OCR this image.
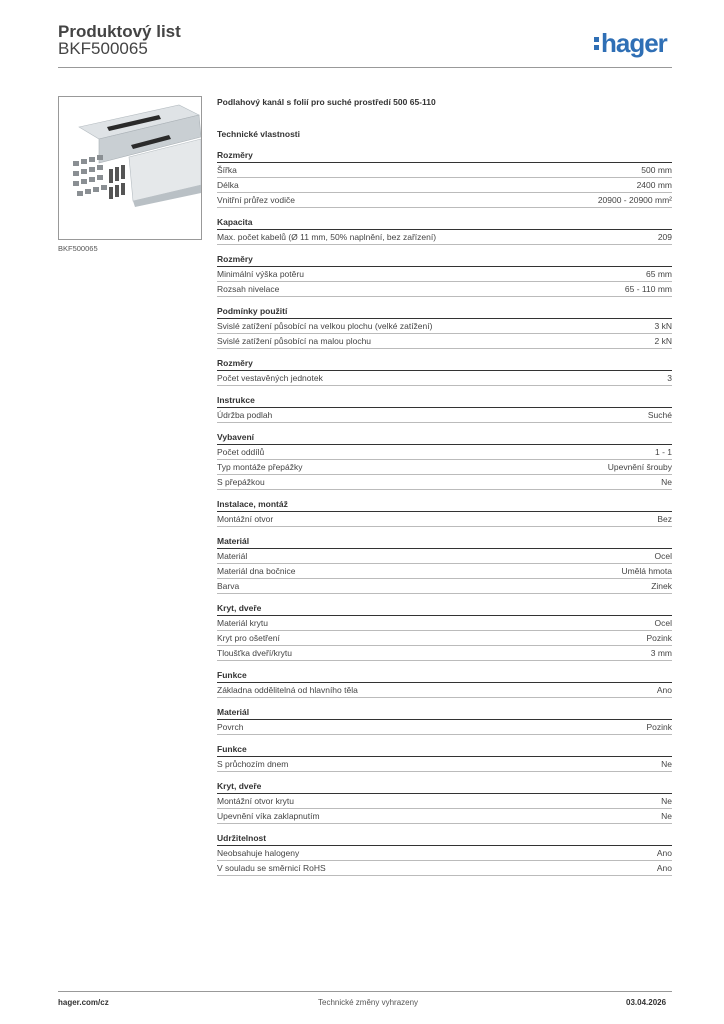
Produktový list
BKF500065	hager
BKF500065
Podlahový kanál s folií pro suché prostředí 500 65-110
Technické vlastnosti
Rozměry
Šířka	500 mm
Délka	2400 mm
Vnitřní průřez vodiče	20900 - 20900 mm²
Kapacita
Max. počet kabelů (Ø 11 mm, 50% naplnění, bez zařízení)	209
Rozměry
Minimální výška potěru	65 mm
Rozsah nivelace	65 - 110 mm
Podmínky použití
Svislé zatížení působící na velkou plochu (velké zatížení)	3 kN
Svislé zatížení působící na malou plochu	2 kN
Rozměry
Počet vestavěných jednotek	3
Instrukce
Údržba podlah	Suché
Vybavení
Počet oddílů	1 - 1
Typ montáže přepážky	Upevnění šrouby
S přepážkou	Ne
Instalace, montáž
Montážní otvor	Bez
Materiál
Materiál	Ocel
Materiál dna bočnice	Umělá hmota
Barva	Zinek
Kryt, dveře
Materiál krytu	Ocel
Kryt pro ošetření	Pozink
Tloušťka dveří/krytu	3 mm
Funkce
Základna oddělitelná od hlavního těla	Ano
Materiál
Povrch	Pozink
Funkce
S průchozím dnem	Ne
Kryt, dveře
Montážní otvor krytu	Ne
Upevnění víka zaklapnutím	Ne
Udržitelnost
Neobsahuje halogeny	Ano
V souladu se směrnicí RoHS	Ano
hager.com/cz	Technické změny vyhrazeny	03.04.2026
